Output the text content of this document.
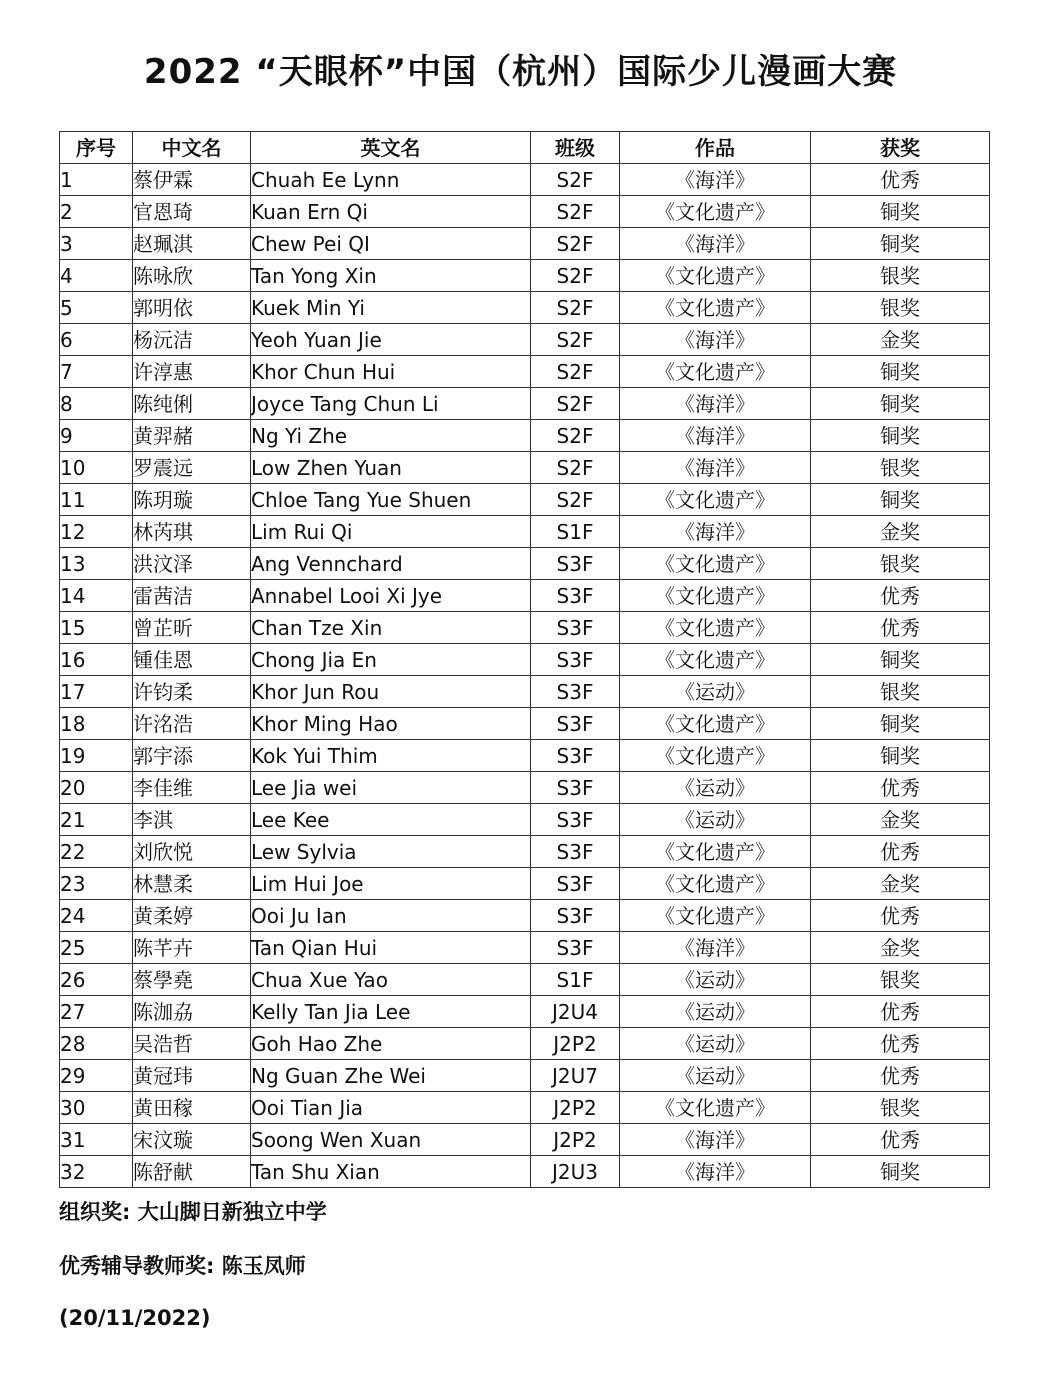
2022 “天眼杯”中国（杭州）国际少儿漫画大赛
序号	中文名	英文名	班级	作品	获奖
1	蔡伊霖	Chuah Ee Lynn	S2F	《海洋》	优秀
2	官恩琦	Kuan Ern Qi	S2F	《文化遗产》	铜奖
3	赵珮淇	Chew Pei QI	S2F	《海洋》	铜奖
4	陈咏欣	Tan Yong Xin	S2F	《文化遗产》	银奖
5	郭明依	Kuek Min Yi	S2F	《文化遗产》	银奖
6	杨沅洁	Yeoh Yuan Jie	S2F	《海洋》	金奖
7	许淳惠	Khor Chun Hui	S2F	《文化遗产》	铜奖
8	陈纯俐	Joyce Tang Chun Li	S2F	《海洋》	铜奖
9	黄羿赭	Ng Yi Zhe	S2F	《海洋》	铜奖
10	罗震远	Low Zhen Yuan	S2F	《海洋》	银奖
11	陈玥璇	Chloe Tang Yue Shuen	S2F	《文化遗产》	铜奖
12	林芮琪	Lim Rui Qi	S1F	《海洋》	金奖
13	洪汶泽	Ang Vennchard	S3F	《文化遗产》	银奖
14	雷茜洁	Annabel Looi Xi Jye	S3F	《文化遗产》	优秀
15	曾芷昕	Chan Tze Xin	S3F	《文化遗产》	优秀
16	锺佳恩	Chong Jia En	S3F	《文化遗产》	铜奖
17	许钧柔	Khor Jun Rou	S3F	《运动》	银奖
18	许洺浩	Khor Ming Hao	S3F	《文化遗产》	铜奖
19	郭宇添	Kok Yui Thim	S3F	《文化遗产》	铜奖
20	李佳维	Lee Jia wei	S3F	《运动》	优秀
21	李淇	Lee Kee	S3F	《运动》	金奖
22	刘欣悦	Lew Sylvia	S3F	《文化遗产》	优秀
23	林慧柔	Lim Hui Joe	S3F	《文化遗产》	金奖
24	黄柔婷	Ooi Ju Ian	S3F	《文化遗产》	优秀
25	陈芊卉	Tan Qian Hui	S3F	《海洋》	金奖
26	蔡學堯	Chua Xue Yao	S1F	《运动》	银奖
27	陈泇劦	Kelly Tan Jia Lee	J2U4	《运动》	优秀
28	吴浩哲	Goh Hao Zhe	J2P2	《运动》	优秀
29	黄冠玮	Ng Guan Zhe Wei	J2U7	《运动》	优秀
30	黄田稼	Ooi Tian Jia	J2P2	《文化遗产》	银奖
31	宋汶璇	Soong Wen Xuan	J2P2	《海洋》	优秀
32	陈舒献	Tan Shu Xian	J2U3	《海洋》	铜奖
组织奖: 大山脚日新独立中学
优秀辅导教师奖: 陈玉凤师
(20/11/2022)
